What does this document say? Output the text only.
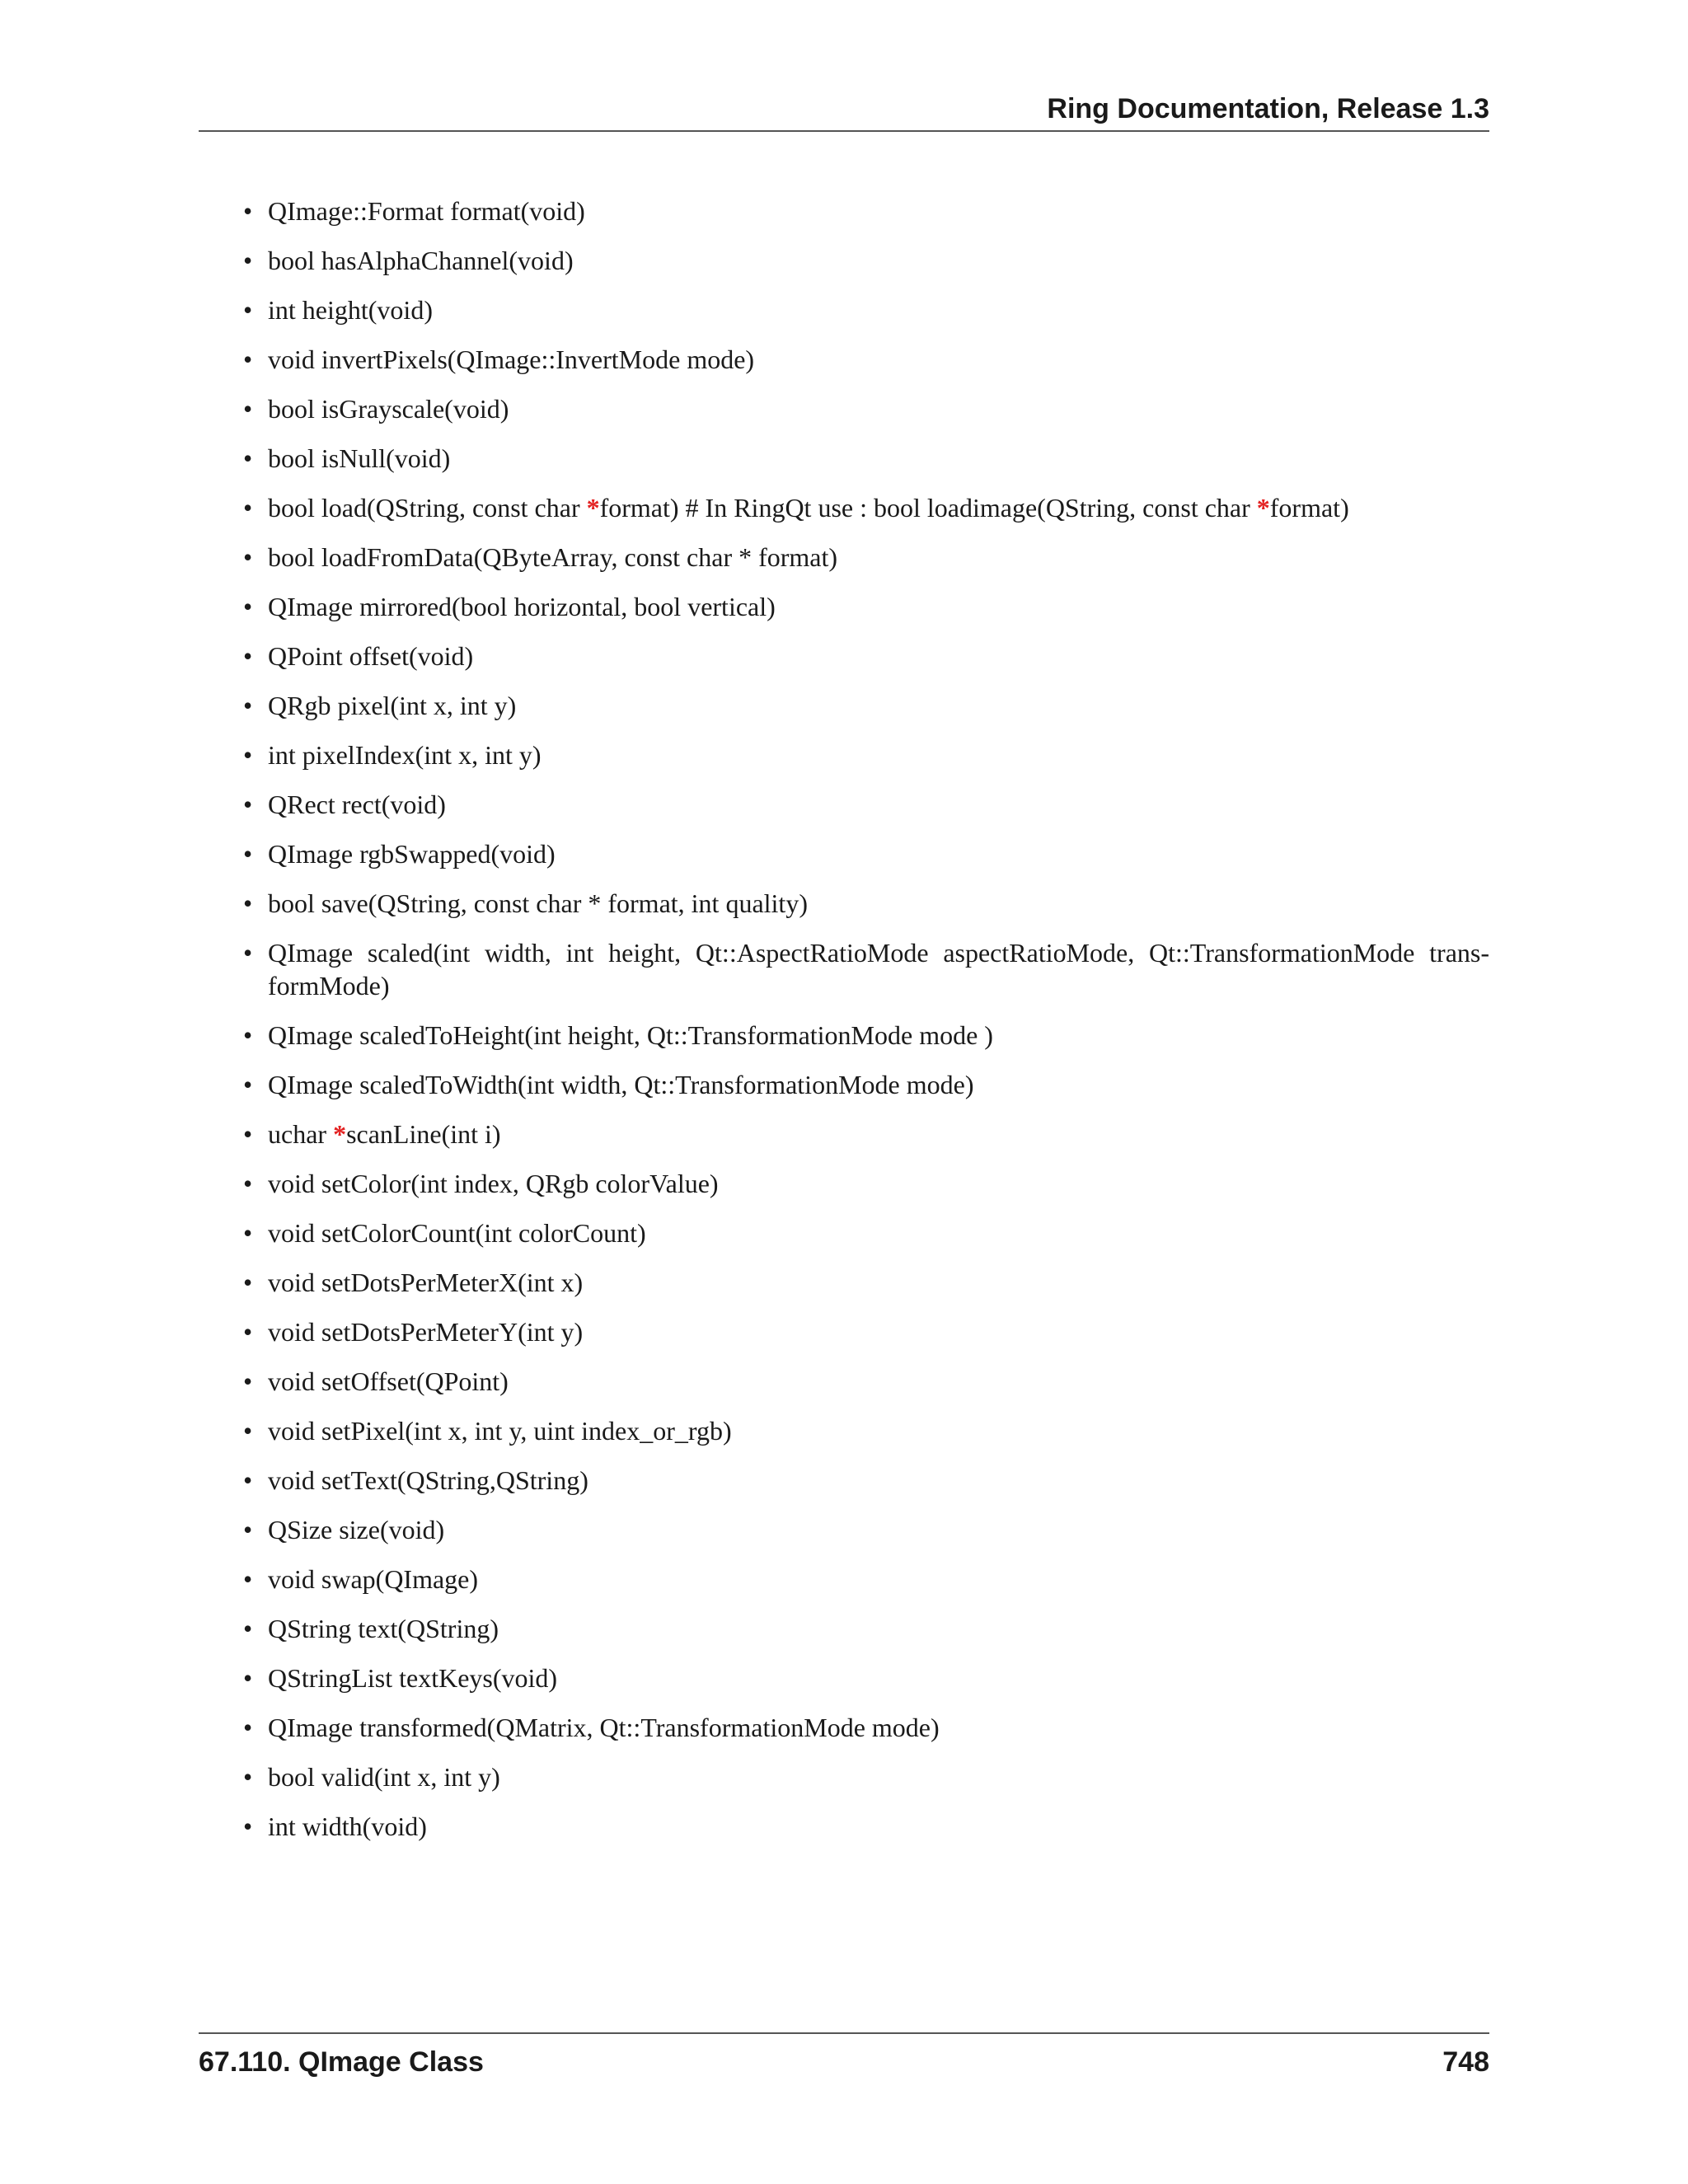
Ring Documentation, Release 1.3
• QImage::Format format(void)
• bool hasAlphaChannel(void)
• int height(void)
• void invertPixels(QImage::InvertMode mode)
• bool isGrayscale(void)
• bool isNull(void)
• bool load(QString, const char *format) # In RingQt use : bool loadimage(QString, const char *format)
• bool loadFromData(QByteArray, const char * format)
• QImage mirrored(bool horizontal, bool vertical)
• QPoint offset(void)
• QRgb pixel(int x, int y)
• int pixelIndex(int x, int y)
• QRect rect(void)
• QImage rgbSwapped(void)
• bool save(QString, const char * format, int quality)
• QImage scaled(int width, int height, Qt::AspectRatioMode aspectRatioMode, Qt::TransformationMode trans-formMode)
• QImage scaledToHeight(int height, Qt::TransformationMode mode )
• QImage scaledToWidth(int width, Qt::TransformationMode mode)
• uchar *scanLine(int i)
• void setColor(int index, QRgb colorValue)
• void setColorCount(int colorCount)
• void setDotsPerMeterX(int x)
• void setDotsPerMeterY(int y)
• void setOffset(QPoint)
• void setPixel(int x, int y, uint index_or_rgb)
• void setText(QString,QString)
• QSize size(void)
• void swap(QImage)
• QString text(QString)
• QStringList textKeys(void)
• QImage transformed(QMatrix, Qt::TransformationMode mode)
• bool valid(int x, int y)
• int width(void)
67.110. QImage Class	748
